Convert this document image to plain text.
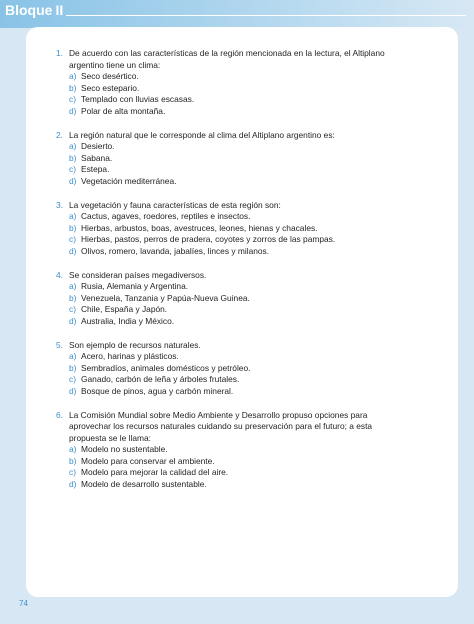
Bloque II
1. De acuerdo con las características de la región mencionada en la lectura, el Altiplano argentino tiene un clima:
a) Seco desértico.
b) Seco estepario.
c) Templado con lluvias escasas.
d) Polar de alta montaña.
2. La región natural que le corresponde al clima del Altiplano argentino es:
a) Desierto.
b) Sabana.
c) Estepa.
d) Vegetación mediterránea.
3. La vegetación y fauna características de esta región son:
a) Cactus, agaves, roedores, reptiles e insectos.
b) Hierbas, arbustos, boas, avestruces, leones, hienas y chacales.
c) Hierbas, pastos, perros de pradera, coyotes y zorros de las pampas.
d) Olivos, romero, lavanda, jabalíes, linces y milanos.
4. Se consideran países megadiversos.
a) Rusia, Alemania y Argentina.
b) Venezuela, Tanzania y Papúa-Nueva Guinea.
c) Chile, España y Japón.
d) Australia, India y México.
5. Son ejemplo de recursos naturales.
a) Acero, harinas y plásticos.
b) Sembradíos, animales domésticos y petróleo.
c) Ganado, carbón de leña y árboles frutales.
d) Bosque de pinos, agua y carbón mineral.
6. La Comisión Mundial sobre Medio Ambiente y Desarrollo propuso opciones para aprovechar los recursos naturales cuidando su preservación para el futuro; a esta propuesta se le llama:
a) Modelo no sustentable.
b) Modelo para conservar el ambiente.
c) Modelo para mejorar la calidad del aire.
d) Modelo de desarrollo sustentable.
74
